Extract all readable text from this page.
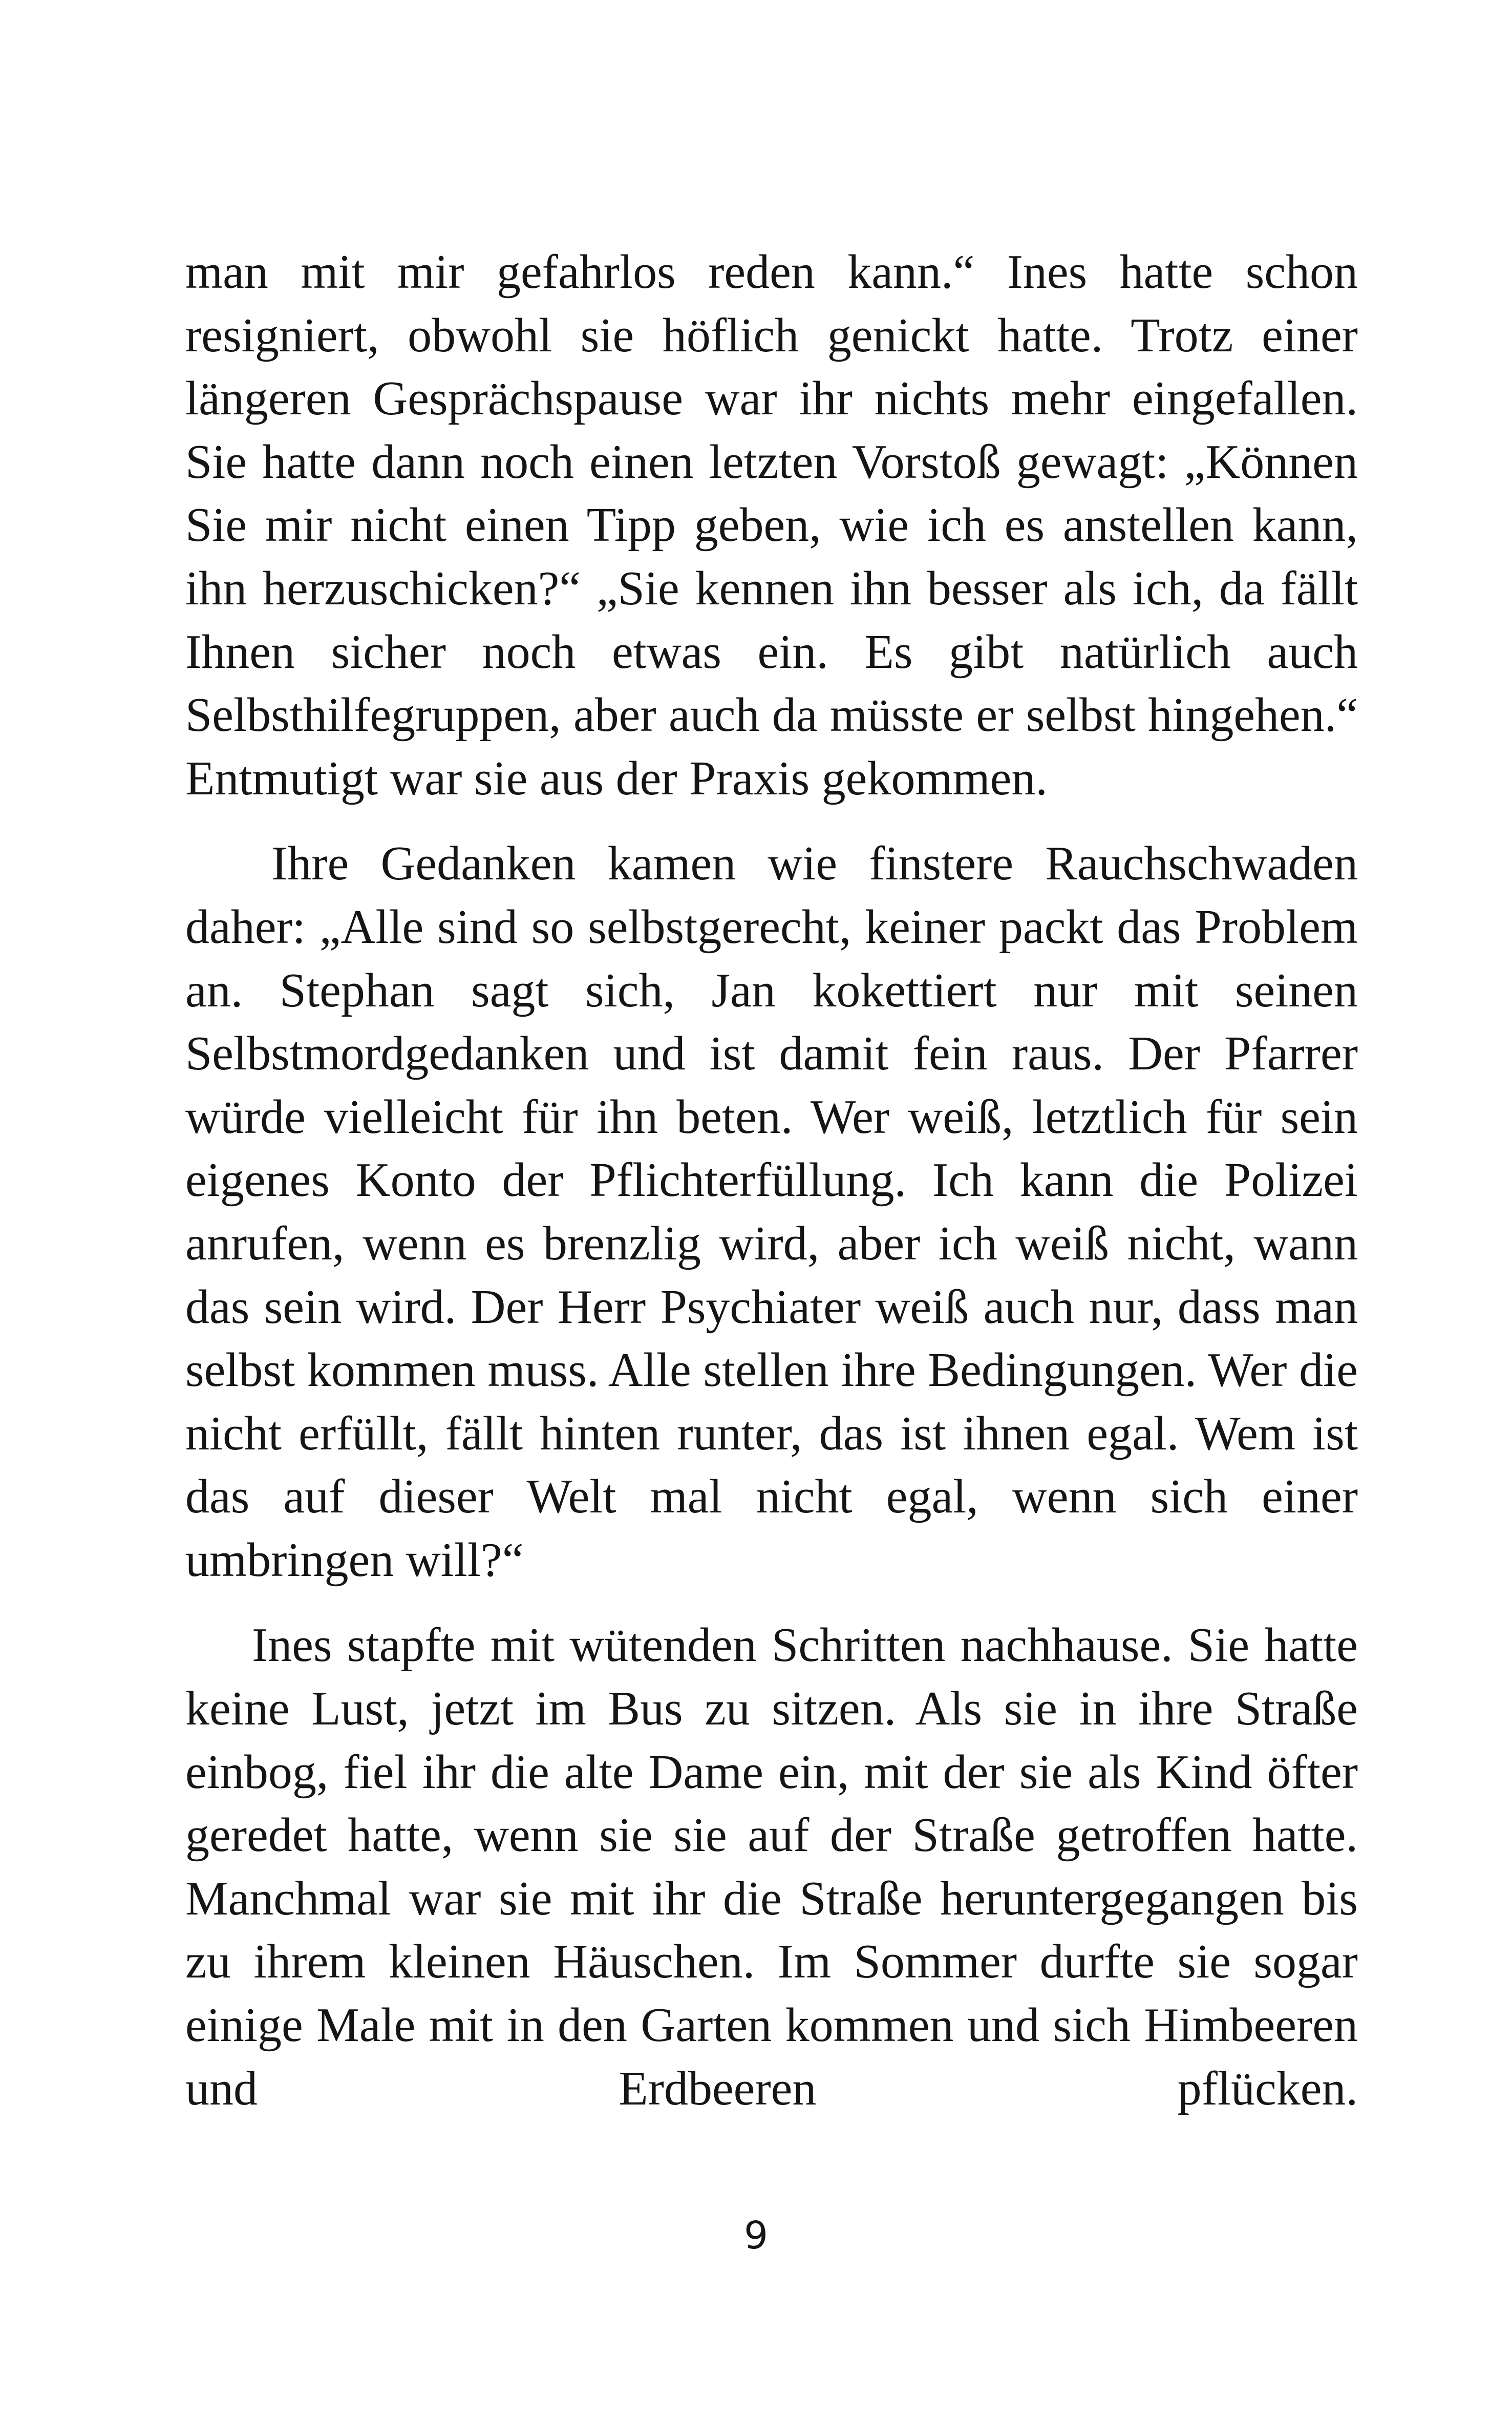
man mit mir gefahrlos reden kann.“ Ines hatte schon resigniert, obwohl sie höflich genickt hatte. Trotz einer längeren Gesprächspause war ihr nichts mehr eingefallen. Sie hatte dann noch einen letzten Vorstoß gewagt: „Können Sie mir nicht einen Tipp geben, wie ich es anstellen kann, ihn herzuschicken?“ „Sie kennen ihn besser als ich, da fällt Ihnen sicher noch etwas ein. Es gibt natürlich auch Selbsthilfegruppen, aber auch da müsste er selbst hingehen.“ Entmutigt war sie aus der Praxis gekommen.

Ihre Gedanken kamen wie finstere Rauchschwaden daher: „Alle sind so selbstgerecht, keiner packt das Problem an. Stephan sagt sich, Jan kokettiert nur mit seinen Selbstmordgedanken und ist damit fein raus. Der Pfarrer würde vielleicht für ihn beten. Wer weiß, letztlich für sein eigenes Konto der Pflichterfüllung. Ich kann die Polizei anrufen, wenn es brenzlig wird, aber ich weiß nicht, wann das sein wird. Der Herr Psychiater weiß auch nur, dass man selbst kommen muss. Alle stellen ihre Bedingungen. Wer die nicht erfüllt, fällt hinten runter, das ist ihnen egal. Wem ist das auf dieser Welt mal nicht egal, wenn sich einer umbringen will?“

Ines stapfte mit wütenden Schritten nachhause. Sie hatte keine Lust, jetzt im Bus zu sitzen. Als sie in ihre Straße einbog, fiel ihr die alte Dame ein, mit der sie als Kind öfter geredet hatte, wenn sie sie auf der Straße getroffen hatte. Manchmal war sie mit ihr die Straße heruntergegangen bis zu ihrem kleinen Häuschen. Im Sommer durfte sie sogar einige Male mit in den Garten kommen und sich Himbeeren und Erdbeeren pflücken.

9
